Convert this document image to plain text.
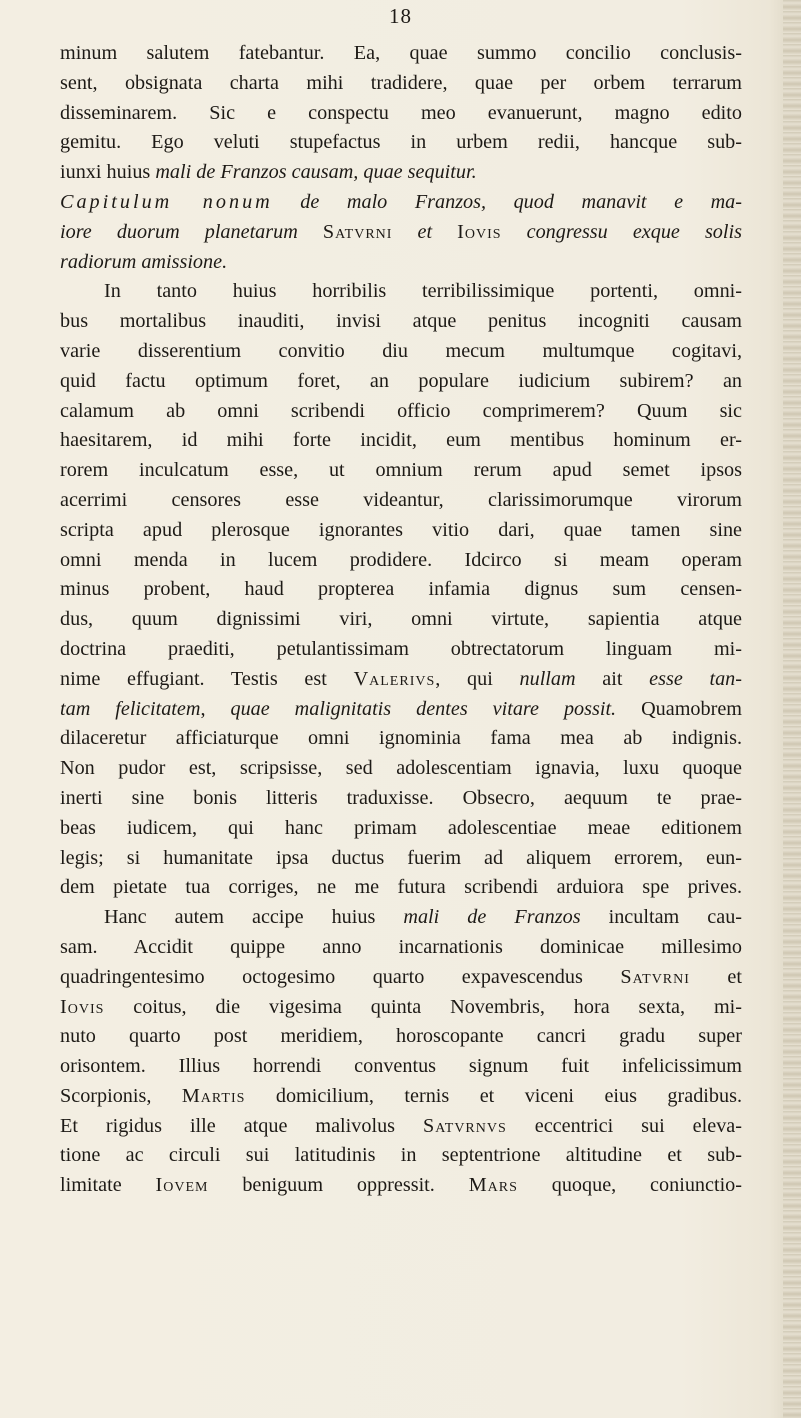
18
minum salutem fatebantur. Ea, quae summo concilio conclusis-
sent, obsignata charta mihi tradidere, quae per orbem terrarum
disseminarem. Sic e conspectu meo evanuerunt, magno edito
gemitu. Ego veluti stupefactus in urbem redii, hancque sub-
iunxi huius mali de Franzos causam, quae sequitur.
Capitulum nonum de malo Franzos, quod manavit e ma-
iore duorum planetarum Satvrni et Iovis congressu exque solis
radiorum amissione.
In tanto huius horribilis terribilissimique portenti, omni-
bus mortalibus inauditi, invisi atque penitus incogniti causam
varie disserentium convitio diu mecum multumque cogitavi,
quid factu optimum foret, an populare iudicium subirem? an
calamum ab omni scribendi officio comprimerem? Quum sic
haesitarem, id mihi forte incidit, eum mentibus hominum er-
rorem inculcatum esse, ut omnium rerum apud semet ipsos
acerrimi censores esse videantur, clarissimorumque virorum
scripta apud plerosque ignorantes vitio dari, quae tamen sine
omni menda in lucem prodidere. Idcirco si meam operam
minus probent, haud propterea infamia dignus sum censen-
dus, quum dignissimi viri, omni virtute, sapientia atque
doctrina praediti, petulantissimam obtrectatorum linguam mi-
nime effugiant. Testis est Valerivs, qui nullam ait esse tan-
tam felicitatem, quae malignitatis dentes vitare possit. Quamobrem
dilaceretur afficiaturque omni ignominia fama mea ab indignis.
Non pudor est, scripsisse, sed adolescentiam ignavia, luxu quoque
inerti sine bonis litteris traduxisse. Obsecro, aequum te prae-
beas iudicem, qui hanc primam adolescentiae meae editionem
legis; si humanitate ipsa ductus fuerim ad aliquem errorem, eun-
dem pietate tua corriges, ne me futura scribendi arduiora spe prives.
Hanc autem accipe huius mali de Franzos incultam cau-
sam. Accidit quippe anno incarnationis dominicae millesimo
quadringentesimo octogesimo quarto expavescendus Satvrni et
Iovis coitus, die vigesima quinta Novembris, hora sexta, mi-
nuto quarto post meridiem, horoscopante cancri gradu super
orisontem. Illius horrendi conventus signum fuit infelicissimum
Scorpionis, Martis domicilium, ternis et viceni eius gradibus.
Et rigidus ille atque malivolus Satvrnvs eccentrici sui eleva-
tione ac circuli sui latitudinis in septentrione altitudine et sub-
limitate Iovem beniguum oppressit. Mars quoque, coniunctio-
